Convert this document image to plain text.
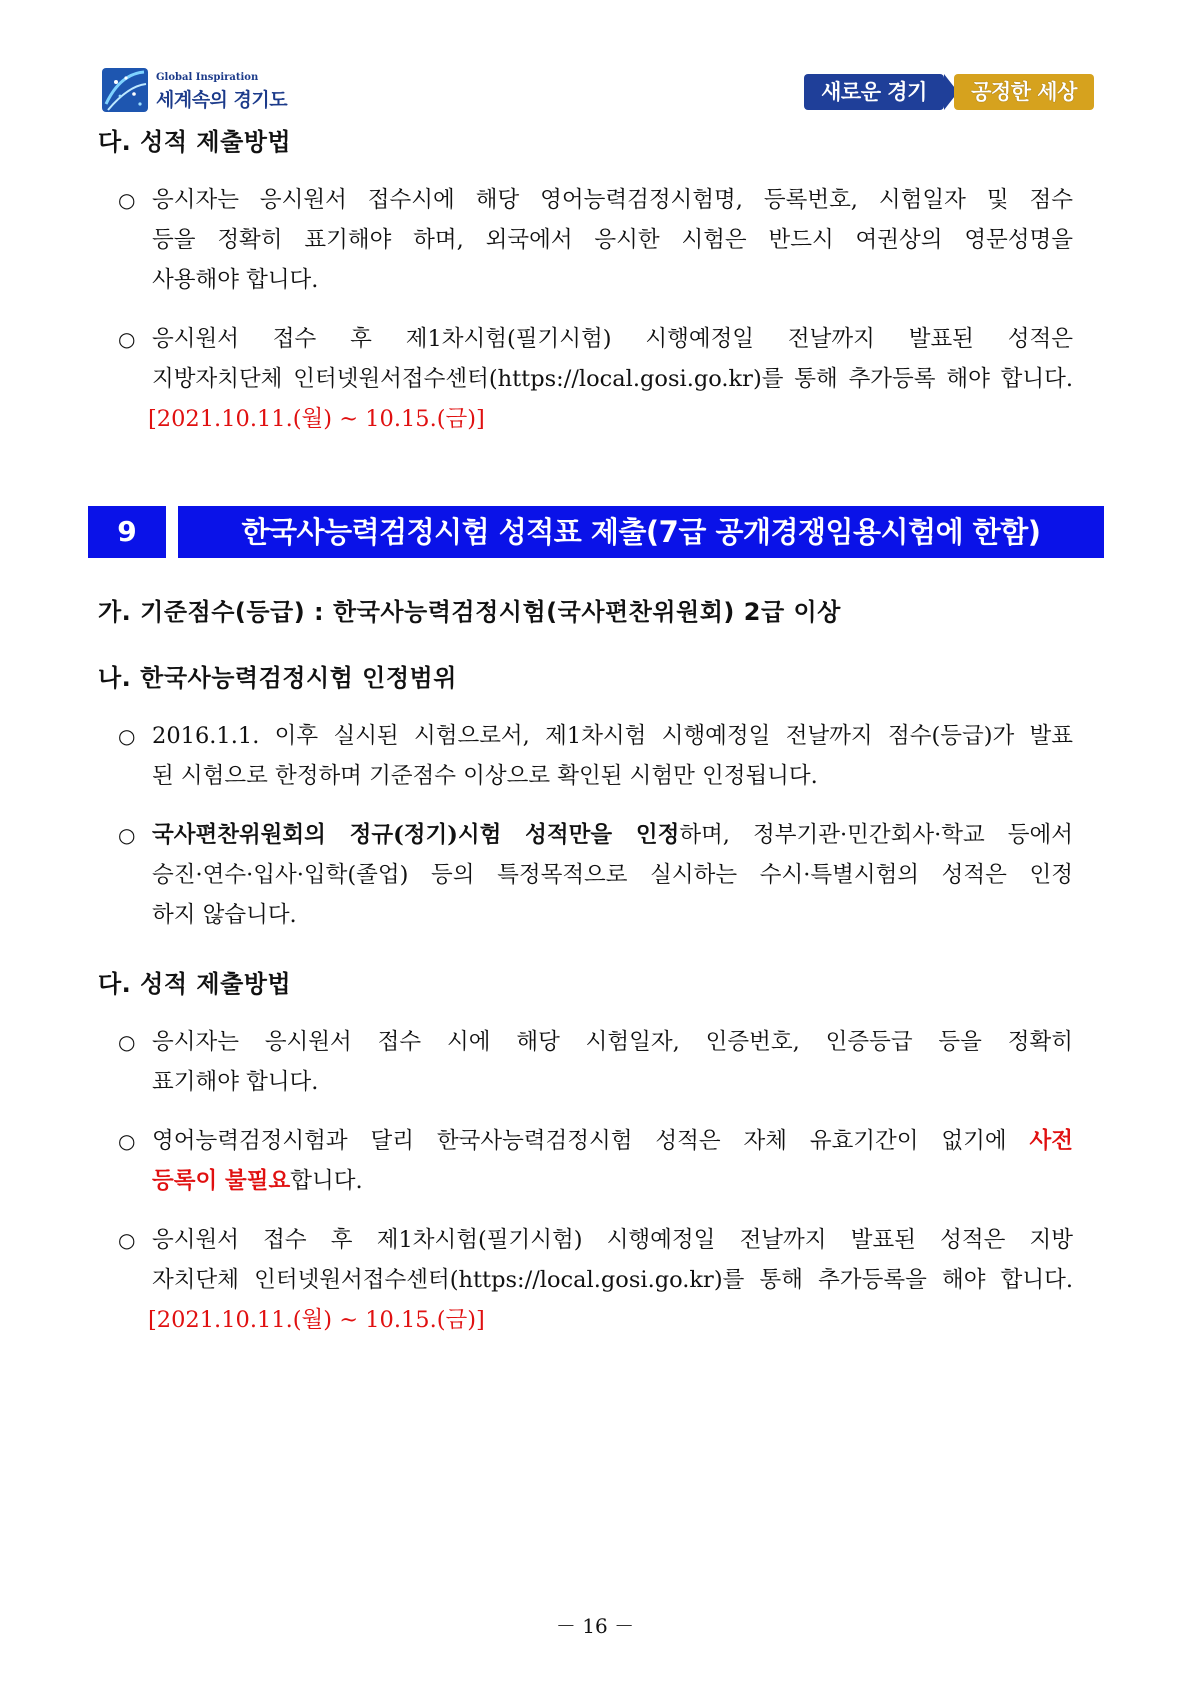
Global Inspiration
세계속의 경기도	새로운 경기	공정한 세상
다. 성적 제출방법
○ 응시자는 응시원서 접수시에 해당 영어능력검정시험명, 등록번호, 시험일자 및 점수
등을 정확히 표기해야 하며, 외국에서 응시한 시험은 반드시 여권상의 영문성명을
사용해야 합니다.
○ 응시원서 접수 후 제1차시험(필기시험) 시행예정일 전날까지 발표된 성적은
지방자치단체 인터넷원서접수센터(https://local.gosi.go.kr)를 통해 추가등록 해야 합니다.
[2021.10.11.(월) ~ 10.15.(금)]
9	한국사능력검정시험 성적표 제출(7급 공개경쟁임용시험에 한함)
가. 기준점수(등급) : 한국사능력검정시험(국사편찬위원회) 2급 이상
나. 한국사능력검정시험 인정범위
○ 2016.1.1. 이후 실시된 시험으로서, 제1차시험 시행예정일 전날까지 점수(등급)가 발표
된 시험으로 한정하며 기준점수 이상으로 확인된 시험만 인정됩니다.
○ 국사편찬위원회의 정규(정기)시험 성적만을 인정하며, 정부기관·민간회사·학교 등에서
승진·연수·입사·입학(졸업) 등의 특정목적으로 실시하는 수시·특별시험의 성적은 인정
하지 않습니다.
다. 성적 제출방법
○ 응시자는 응시원서 접수 시에 해당 시험일자, 인증번호, 인증등급 등을 정확히
표기해야 합니다.
○ 영어능력검정시험과 달리 한국사능력검정시험 성적은 자체 유효기간이 없기에 사전
등록이 불필요합니다.
○ 응시원서 접수 후 제1차시험(필기시험) 시행예정일 전날까지 발표된 성적은 지방
자치단체 인터넷원서접수센터(https://local.gosi.go.kr)를 통해 추가등록을 해야 합니다.
[2021.10.11.(월) ~ 10.15.(금)]
－ 16 －
